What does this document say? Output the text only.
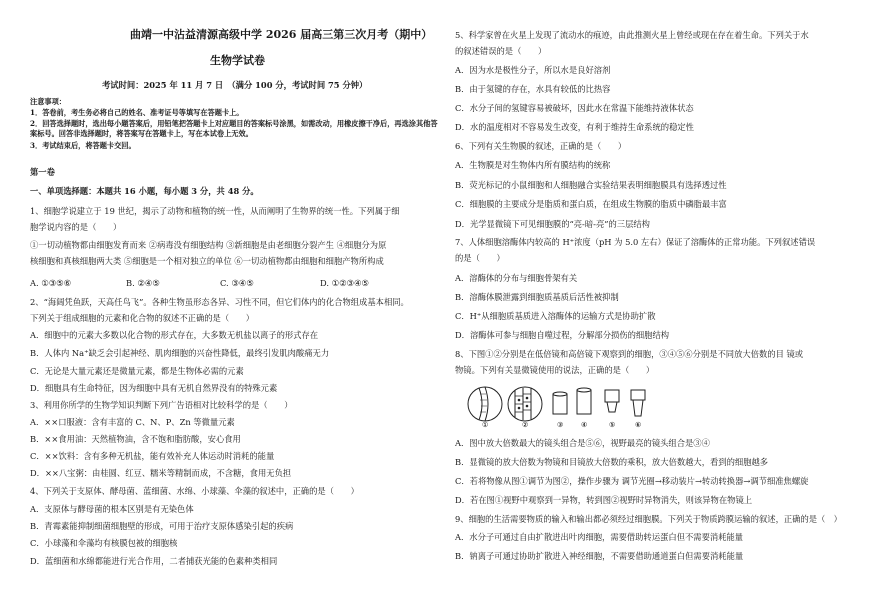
曲靖一中沾益清源高级中学 2026 届高三第三次月考（期中）
生物学试卷
考试时间：2025 年 11 月 7 日　（满分 100 分，考试时间 75 分钟）
注意事项：
1．答卷前，考生务必将自己的姓名、准考证号等填写在答题卡上。
2．回答选择题时，选出每小题答案后，用铅笔把答题卡上对应题目的答案标号涂黑，如需改动，用橡皮擦干净后，再选涂其他答案标号。回答非选择题时，将答案写在答题卡上，写在本试卷上无效。
3．考试结束后，将答题卡交回。
第一卷
一、单项选择题：本题共 16 小题，每小题 3 分，共 48 分。
1、细胞学说建立于 19 世纪，揭示了动物和植物的统一性，从而阐明了生物界的统一性。下列属于细
胞学说内容的是（　　）
①一切动植物都由细胞发育而来 ②病毒没有细胞结构 ③新细胞是由老细胞分裂产生 ④细胞分为原
核细胞和真核细胞两大类 ⑤细胞是一个相对独立的单位 ⑥一切动植物都由细胞和细胞产物所构成
A. ①③⑤⑥	B. ②④⑤	C. ③④⑤	D. ①②③④⑤
2、“海阔凭鱼跃，天高任鸟飞”。各种生物虽形态各异、习性不同，但它们体内的化合物组成基本相同。
下列关于组成细胞的元素和化合物的叙述不正确的是（　　）
A．细胞中的元素大多数以化合物的形式存在，大多数无机盐以离子的形式存在
B．人体内 Na⁺缺乏会引起神经、肌肉细胞的兴奋性降低，最终引发肌肉酸痛无力
C．无论是大量元素还是微量元素，都是生物体必需的元素
D．细胞具有生命特征，因为细胞中具有无机自然界没有的特殊元素
3、利用你所学的生物学知识判断下列广告语相对比较科学的是（　　）
A．××口服液：含有丰富的 C、N、P、Zn 等微量元素
B．××食用油：天然植物油，含不饱和脂肪酸，安心食用
C．××饮料：含有多种无机盐，能有效补充人体运动时消耗的能量
D．××八宝粥：由桂圆、红豆、糯米等精制而成，不含糖，食用无负担
4、下列关于支原体、酵母菌、蓝细菌、水绵、小球藻、伞藻的叙述中，正确的是（　　）
A．支原体与酵母菌的根本区别是有无染色体
B．青霉素能抑制细菌细胞壁的形成，可用于治疗支原体感染引起的疾病
C．小球藻和伞藻均有核膜包被的细胞核
D．蓝细菌和水绵都能进行光合作用，二者捕获光能的色素种类相同
5、科学家曾在火星上发现了流动水的痕迹，由此推测火星上曾经或现在存在着生命。下列关于水
的叙述错误的是（　　）
A．因为水是极性分子，所以水是良好溶剂
B．由于氢键的存在，水具有较低的比热容
C．水分子间的氢键容易被破坏，因此水在常温下能维持液体状态
D．水的温度相对不容易发生改变，有利于维持生命系统的稳定性
6、下列有关生物膜的叙述，正确的是（　　）
A．生物膜是对生物体内所有膜结构的统称
B．荧光标记的小鼠细胞和人细胞融合实验结果表明细胞膜具有选择透过性
C．细胞膜的主要成分是脂质和蛋白质，在组成生物膜的脂质中磷脂最丰富
D．光学显微镜下可见细胞膜的“亮-暗-亮”的三层结构
7、人体细胞溶酶体内较高的 H⁺浓度（pH 为 5.0 左右）保证了溶酶体的正常功能。下列叙述错误
的是（　　）
A．溶酶体的分布与细胞骨架有关
B．溶酶体膜泄露到细胞质基质后活性被抑制
C．H⁺从细胞质基质进入溶酶体的运输方式是协助扩散
D．溶酶体可参与细胞自噬过程，分解部分损伤的细胞结构
8、下图①②分别是在低倍镜和高倍镜下观察到的细胞，③④⑤⑥分别是不同放大倍数的目 镜或
物镜。下列有关显微镜使用的说法，正确的是（　　）
①	②	③	④	⑤	⑥
A．图中放大倍数最大的镜头组合是⑤⑥，视野最亮的镜头组合是③④
B．显微镜的放大倍数为物镜和目镜放大倍数的乘积，放大倍数越大，看到的细胞越多
C．若将物像从图①调节为图②，操作步骤为 调节光圈→移动装片→转动转换器→调节细准焦螺旋
D．若在图①视野中观察到一异物，转到图②视野时异物消失，则该异物在物镜上
9、细胞的生活需要物质的输入和输出都必须经过细胞膜。下列关于物质跨膜运输的叙述，正确的是（　）
A．水分子可通过自由扩散进出叶肉细胞，需要借助转运蛋白但不需要消耗能量
B．钠离子可通过协助扩散进入神经细胞，不需要借助通道蛋白但需要消耗能量
